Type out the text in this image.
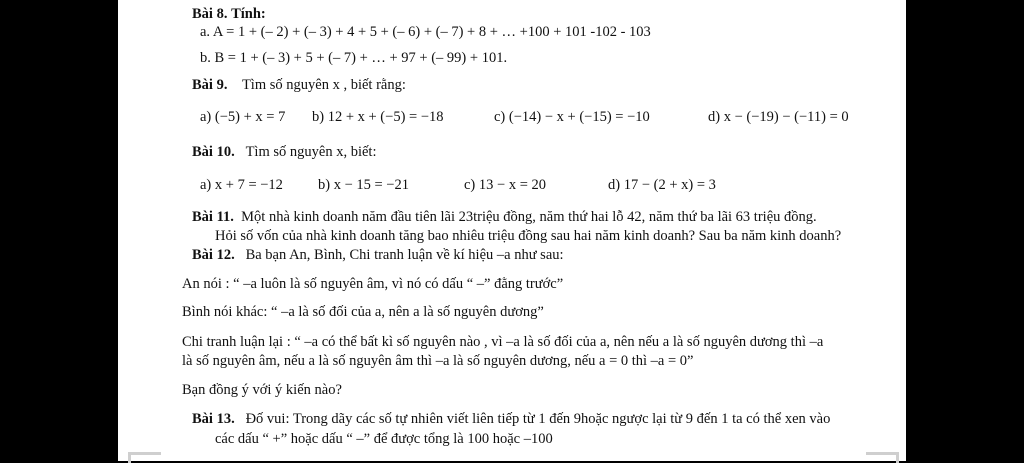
Bài 8. Tính:
a. A = 1 + (– 2) + (– 3) + 4 + 5 + (– 6) + (– 7) + 8 + … +100 + 101 -102 - 103
b. B = 1 + (– 3) + 5 + (– 7) + … + 97 + (– 99) + 101.
Bài 9. Tìm số nguyên x , biết rằng:
a) (−5) + x = 7 b) 12 + x + (−5) = −18	c) (−14) − x + (−15) = −10	d) x − (−19) − (−11) = 0
Bài 10. Tìm số nguyên x, biết:
a) x + 7 = −12 b) x − 15 = −21	c) 13 − x = 20	d) 17 − (2 + x) = 3
Bài 11. Một nhà kinh doanh năm đầu tiên lãi 23triệu đồng, năm thứ hai lỗ 42, năm thứ ba lãi 63 triệu đồng.
Hỏi số vốn của nhà kinh doanh tăng bao nhiêu triệu đồng sau hai năm kinh doanh? Sau ba năm kinh doanh?
Bài 12. Ba bạn An, Bình, Chi tranh luận về kí hiệu –a như sau:
An nói : “ –a luôn là số nguyên âm, vì nó có dấu “ –” đằng trước”
Bình nói khác: “ –a là số đối của a, nên a là số nguyên dương”
Chi tranh luận lại : “ –a có thể bất kì số nguyên nào , vì –a là số đối của a, nên nếu a là số nguyên dương thì –a
là số nguyên âm, nếu a là số nguyên âm thì –a là số nguyên dương, nếu a = 0 thì –a = 0”
Bạn đồng ý với ý kiến nào?
Bài 13. Đố vui: Trong dãy các số tự nhiên viết liên tiếp từ 1 đến 9hoặc ngược lại từ 9 đến 1 ta có thể xen vào
các dấu “ +” hoặc dấu “ –” để được tổng là 100 hoặc –100
